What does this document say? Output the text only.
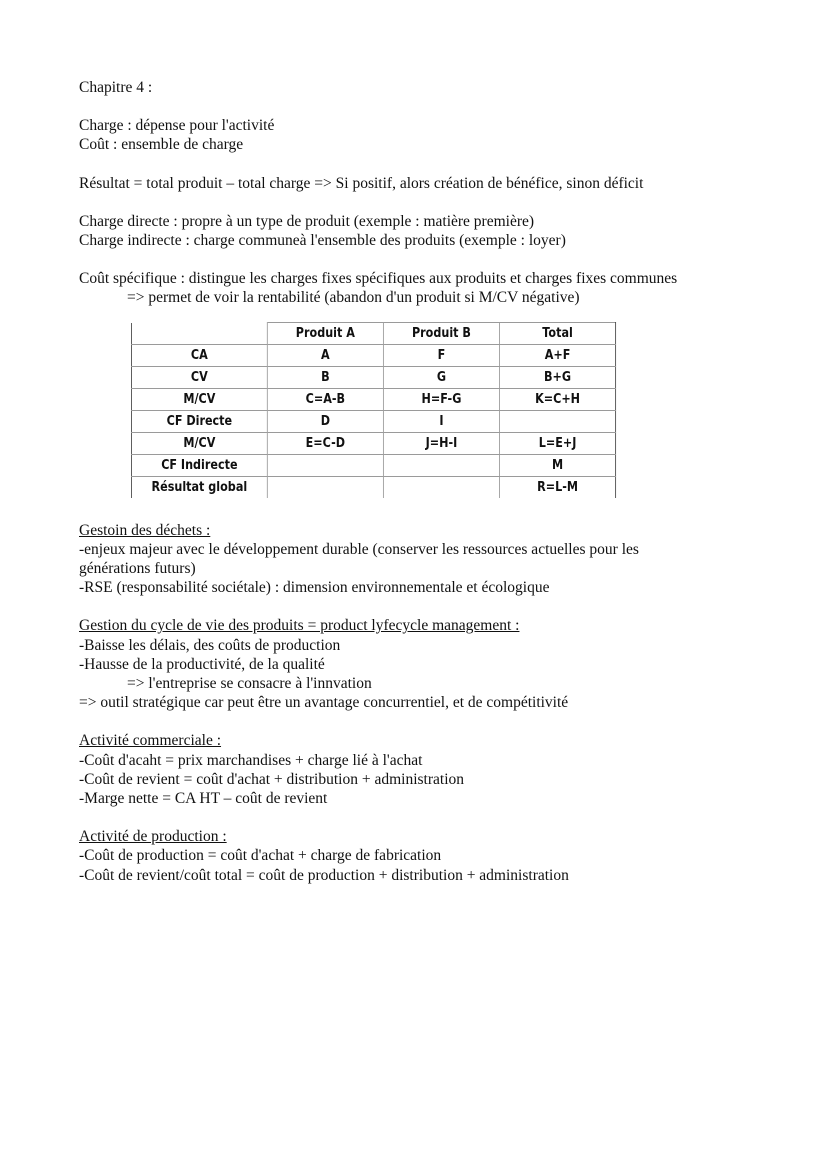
Chapitre 4 :
Charge : dépense pour l'activité
Coût : ensemble de charge
Résultat = total produit – total charge => Si positif, alors création de bénéfice, sinon déficit
Charge directe : propre à un type de produit (exemple : matière première)
Charge indirecte : charge communeà l'ensemble des produits (exemple : loyer)
Coût spécifique : distingue les charges fixes spécifiques aux produits et charges fixes communes
=> permet de voir la rentabilité (abandon d'un produit si M/CV négative)
Gestoin des déchets :
-enjeux majeur avec le développement durable (conserver les ressources actuelles pour les
générations futurs)
-RSE (responsabilité sociétale) : dimension environnementale et écologique
Gestion du cycle de vie des produits = product lyfecycle management :
-Baisse les délais, des coûts de production
-Hausse de la productivité, de la qualité
=> l'entreprise se consacre à l'innvation
=> outil stratégique car peut être un avantage concurrentiel, et de compétitivité
Activité commerciale :
-Coût d'acaht = prix marchandises + charge lié à l'achat
-Coût de revient = coût d'achat + distribution + administration
-Marge nette = CA HT – coût de revient
Activité de production :
-Coût de production = coût d'achat + charge de fabrication
-Coût de revient/coût total = coût de production + distribution + administration
	Produit A	Produit B	Total
CA	A	F	A+F
CV	B	G	B+G
M/CV	C=A-B	H=F-G	K=C+H
CF Directe	D	I	
M/CV	E=C-D	J=H-I	L=E+J
CF Indirecte			M
Résultat global			R=L-M
